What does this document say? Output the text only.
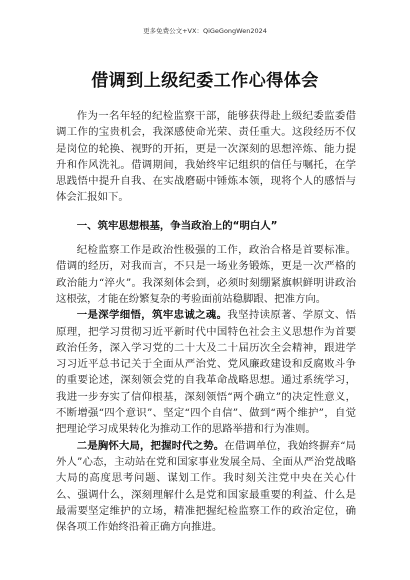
更多免费公文+VX：QiGeGongWen2024
借调到上级纪委工作心得体会

作为一名年轻的纪检监察干部，能够获得赴上级纪委监委借调工作的宝贵机会，我深感使命光荣、责任重大。这段经历不仅是岗位的轮换、视野的开拓，更是一次深刻的思想淬炼、能力提升和作风洗礼。借调期间，我始终牢记组织的信任与嘱托，在学思践悟中提升自我、在实战磨砺中锤炼本领，现将个人的感悟与体会汇报如下。

一、筑牢思想根基，争当政治上的“明白人”

纪检监察工作是政治性极强的工作，政治合格是首要标准。借调的经历，对我而言，不只是一场业务锻炼，更是一次严格的政治能力“淬火”。我深刻体会到，必须时刻绷紧旗帜鲜明讲政治这根弦，才能在纷繁复杂的考验面前站稳脚跟、把准方向。

一是深学细悟，筑牢忠诚之魂。我坚持读原著、学原文、悟原理，把学习贯彻习近平新时代中国特色社会主义思想作为首要政治任务，深入学习党的二十大及二十届历次全会精神，跟进学习习近平总书记关于全面从严治党、党风廉政建设和反腐败斗争的重要论述，深刻领会党的自我革命战略思想。通过系统学习，我进一步夯实了信仰根基，深刻领悟“两个确立”的决定性意义，不断增强“四个意识”、坚定“四个自信”、做到“两个维护”，自觉把理论学习成果转化为推动工作的思路举措和行为准则。

二是胸怀大局，把握时代之势。在借调单位，我始终摒弃“局外人”心态，主动站在党和国家事业发展全局、全面从严治党战略大局的高度思考问题、谋划工作。我时刻关注党中央在关心什么、强调什么，深刻理解什么是党和国家最重要的利益、什么是最需要坚定维护的立场，精准把握纪检监察工作的政治定位，确保各项工作始终沿着正确方向推进。
